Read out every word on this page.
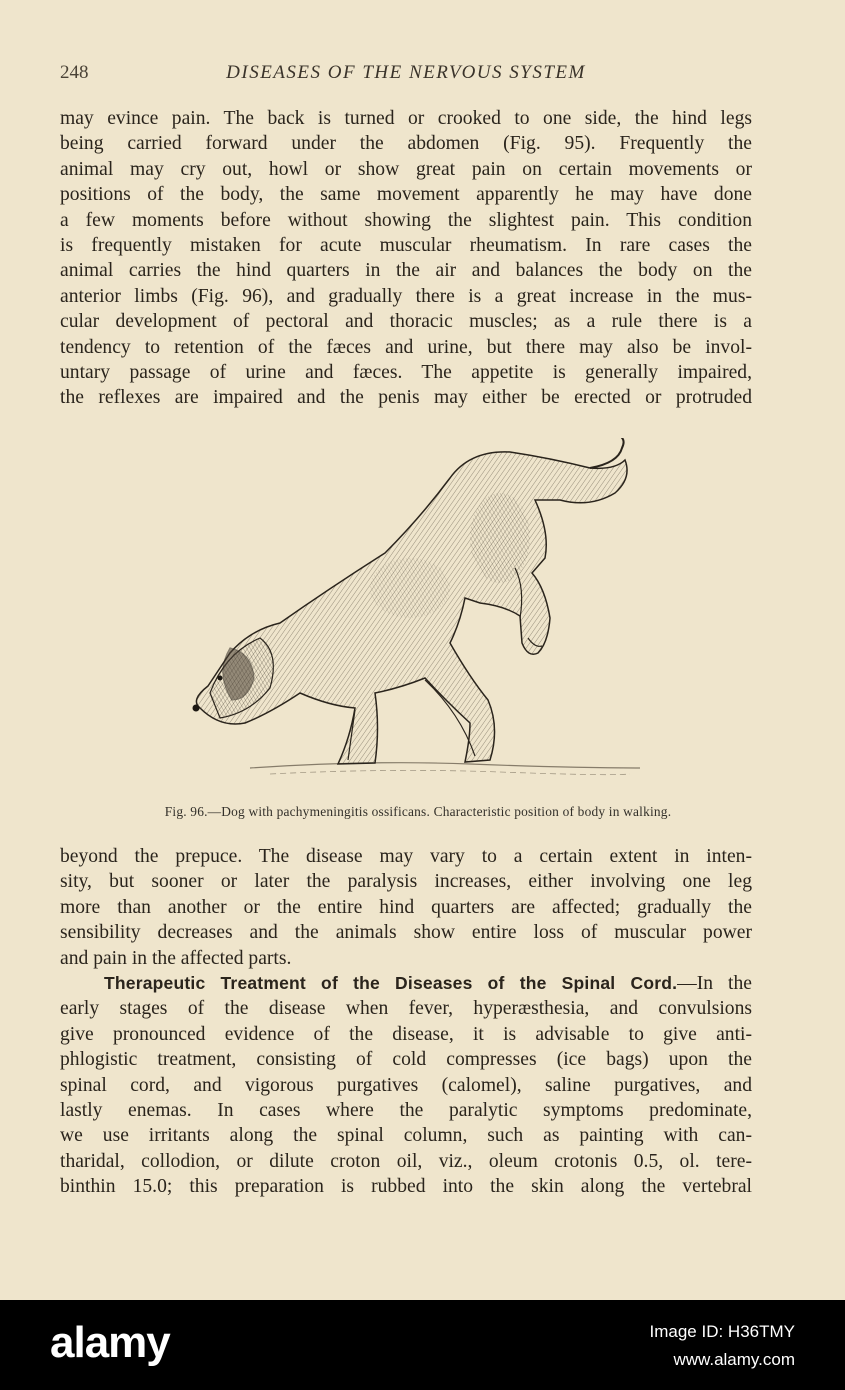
248	DISEASES OF THE NERVOUS SYSTEM

may evince pain. The back is turned or crooked to one side, the hind legs

being carried forward under the abdomen (Fig. 95). Frequently the

animal may cry out, howl or show great pain on certain movements or

positions of the body, the same movement apparently he may have done

a few moments before without showing the slightest pain. This condition

is frequently mistaken for acute muscular rheumatism. In rare cases the

animal carries the hind quarters in the air and balances the body on the

anterior limbs (Fig. 96), and gradually there is a great increase in the mus-

cular development of pectoral and thoracic muscles; as a rule there is a

tendency to retention of the fæces and urine, but there may also be invol-

untary passage of urine and fæces. The appetite is generally impaired,

the reflexes are impaired and the penis may either be erected or protruded

Fig. 96.—Dog with pachymeningitis ossificans. Characteristic position of body in walking.

beyond the prepuce. The disease may vary to a certain extent in inten-

sity, but sooner or later the paralysis increases, either involving one leg

more than another or the entire hind quarters are affected; gradually the

sensibility decreases and the animals show entire loss of muscular power

and pain in the affected parts.

Therapeutic Treatment of the Diseases of the Spinal Cord.—In the

early stages of the disease when fever, hyperæsthesia, and convulsions

give pronounced evidence of the disease, it is advisable to give anti-

phlogistic treatment, consisting of cold compresses (ice bags) upon the

spinal cord, and vigorous purgatives (calomel), saline purgatives, and

lastly enemas. In cases where the paralytic symptoms predominate,

we use irritants along the spinal column, such as painting with can-

tharidal, collodion, or dilute croton oil, viz., oleum crotonis 0.5, ol. tere-

binthin 15.0; this preparation is rubbed into the skin along the vertebral

alamy	Image ID: H36TMY
www.alamy.com
